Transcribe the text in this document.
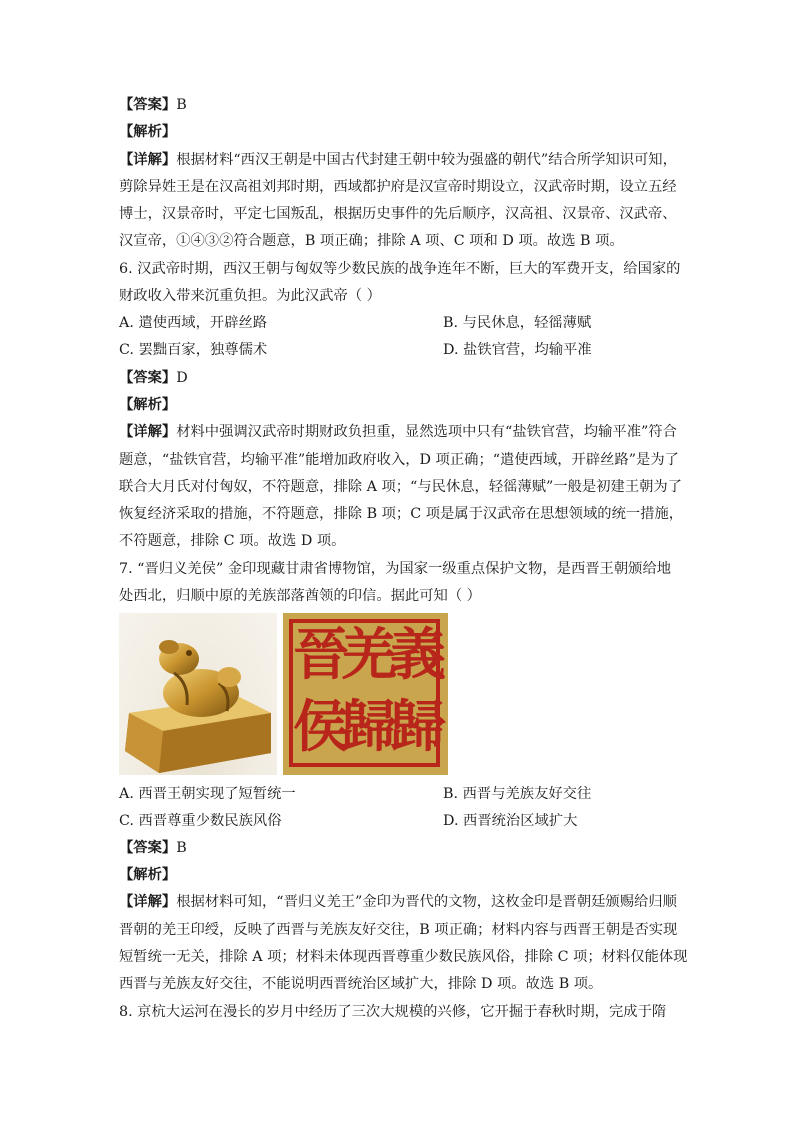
【答案】B
【解析】
【详解】根据材料“西汉王朝是中国古代封建王朝中较为强盛的朝代”结合所学知识可知，
剪除异姓王是在汉高祖刘邦时期，西域都护府是汉宣帝时期设立，汉武帝时期，设立五经
博士，汉景帝时，平定七国叛乱，根据历史事件的先后顺序，汉高祖、汉景帝、汉武帝、
汉宣帝，①④③②符合题意，B 项正确；排除 A 项、C 项和 D 项。故选 B 项。
6. 汉武帝时期，西汉王朝与匈奴等少数民族的战争连年不断，巨大的军费开支，给国家的
财政收入带来沉重负担。为此汉武帝（ ）
A. 遣使西域，开辟丝路	B. 与民休息，轻徭薄赋
C. 罢黜百家，独尊儒术	D. 盐铁官营，均输平准
【答案】D
【解析】
【详解】材料中强调汉武帝时期财政负担重，显然选项中只有“盐铁官营，均输平准”符合
题意，“盐铁官营，均输平准”能增加政府收入，D 项正确；“遣使西域，开辟丝路”是为了
联合大月氏对付匈奴，不符题意，排除 A 项；“与民休息，轻徭薄赋”一般是初建王朝为了
恢复经济采取的措施，不符题意，排除 B 项；C 项是属于汉武帝在思想领域的统一措施，
不符题意，排除 C 项。故选 D 项。
7. “晋归义羌侯” 金印现藏甘肃省博物馆，为国家一级重点保护文物，是西晋王朝颁给地
处西北，归顺中原的羌族部落酋领的印信。据此可知（ ）
義
歸
晉
羌
侯
歸
A. 西晋王朝实现了短暂统一	B. 西晋与羌族友好交往
C. 西晋尊重少数民族风俗	D. 西晋统治区域扩大
【答案】B
【解析】
【详解】根据材料可知，“晋归义羌王”金印为晋代的文物，这枚金印是晋朝廷颁赐给归顺
晋朝的羌王印绶，反映了西晋与羌族友好交往，B 项正确；材料内容与西晋王朝是否实现
短暂统一无关，排除 A 项；材料未体现西晋尊重少数民族风俗，排除 C 项；材料仅能体现
西晋与羌族友好交往，不能说明西晋统治区域扩大，排除 D 项。故选 B 项。
8. 京杭大运河在漫长的岁月中经历了三次大规模的兴修，它开掘于春秋时期，完成于隋
